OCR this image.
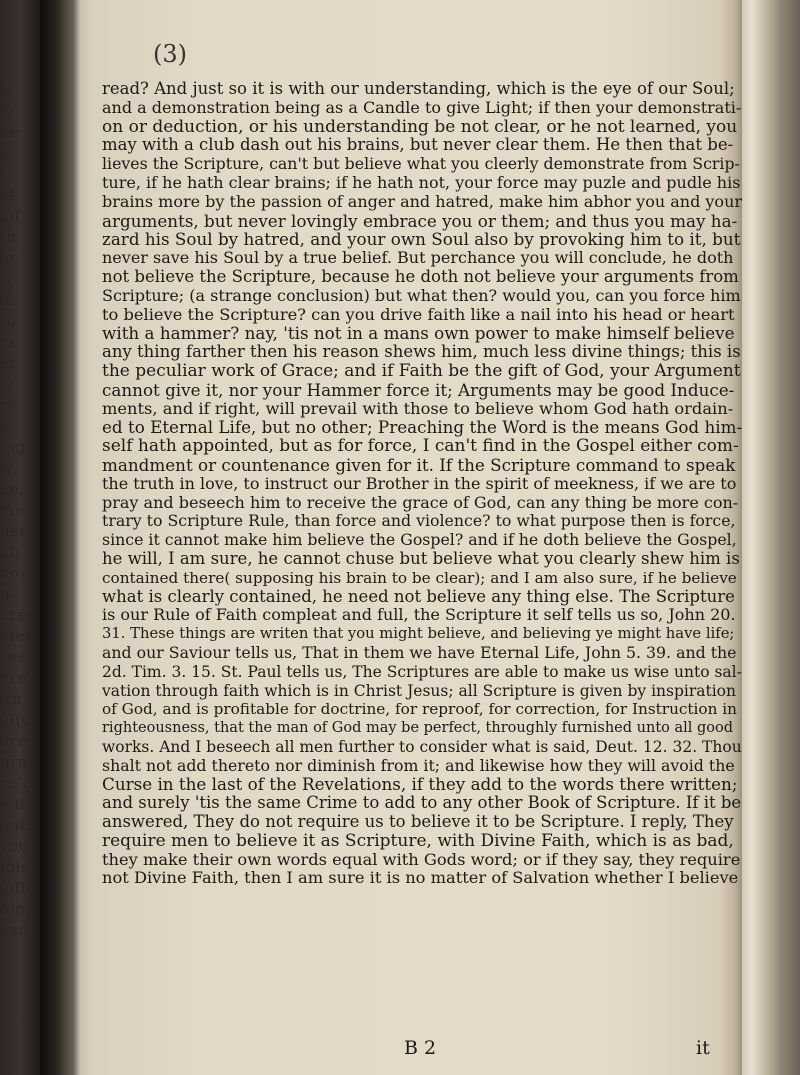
l.
ly
he
y,
i
of
nd
th
lo
w
il.
to
rs,
er
ly
ry
I
ing
ly,
ee,
me
her
nh
no-
u-
ere
Men
ves,
ure,
ith,
ully
ure,
ural
ce'd
e it
hath
you
ible
udle
him
ead?
(3)
read? And just so it is with our understanding, which is the eye of our Soul;
and a demonstration being as a Candle to give Light; if then your demonstrati-
on or deduction, or his understanding be not clear, or he not learned, you
may with a club dash out his brains, but never clear them. He then that be-
lieves the Scripture, can't but believe what you cleerly demonstrate from Scrip-
ture, if he hath clear brains; if he hath not, your force may puzle and pudle his
brains more by the passion of anger and hatred, make him abhor you and your
arguments, but never lovingly embrace you or them; and thus you may ha-
zard his Soul by hatred, and your own Soul also by provoking him to it, but
never save his Soul by a true belief. But perchance you will conclude, he doth
not believe the Scripture, because he doth not believe your arguments from
Scripture; (a strange conclusion) but what then? would you, can you force him
to believe the Scripture? can you drive faith like a nail into his head or heart
with a hammer? nay, 'tis not in a mans own power to make himself believe
any thing farther then his reason shews him, much less divine things; this is
the peculiar work of Grace; and if Faith be the gift of God, your Argument
cannot give it, nor your Hammer force it; Arguments may be good Induce-
ments, and if right, will prevail with those to believe whom God hath ordain-
ed to Eternal Life, but no other; Preaching the Word is the means God him-
self hath appointed, but as for force, I can't find in the Gospel either com-
mandment or countenance given for it. If the Scripture command to speak
the truth in love, to instruct our Brother in the spirit of meekness, if we are to
pray and beseech him to receive the grace of God, can any thing be more con-
trary to Scripture Rule, than force and violence? to what purpose then is force,
since it cannot make him believe the Gospel? and if he doth believe the Gospel,
he will, I am sure, he cannot chuse but believe what you clearly shew him is
contained there( supposing his brain to be clear); and I am also sure, if he believe
what is clearly contained, he need not believe any thing else. The Scripture
is our Rule of Faith compleat and full, the Scripture it self tells us so, John 20.
31. These things are writen that you might believe, and believing ye might have life;
and our Saviour tells us, That in them we have Eternal Life, John 5. 39. and the
2d. Tim. 3. 15. St. Paul tells us, The Scriptures are able to make us wise unto sal-
vation through faith which is in Christ Jesus; all Scripture is given by inspiration
of God, and is profitable for doctrine, for reproof, for correction, for Instruction in
righteousness, that the man of God may be perfect, throughly furnished unto all good
works. And I beseech all men further to consider what is said, Deut. 12. 32. Thou
shalt not add thereto nor diminish from it; and likewise how they will avoid the
Curse in the last of the Revelations, if they add to the words there written;
and surely 'tis the same Crime to add to any other Book of Scripture. If it be
answered, They do not require us to believe it to be Scripture. I reply, They
require men to believe it as Scripture, with Divine Faith, which is as bad,
they make their own words equal with Gods word; or if they say, they require
not Divine Faith, then I am sure it is no matter of Salvation whether I believe
B 2	it
